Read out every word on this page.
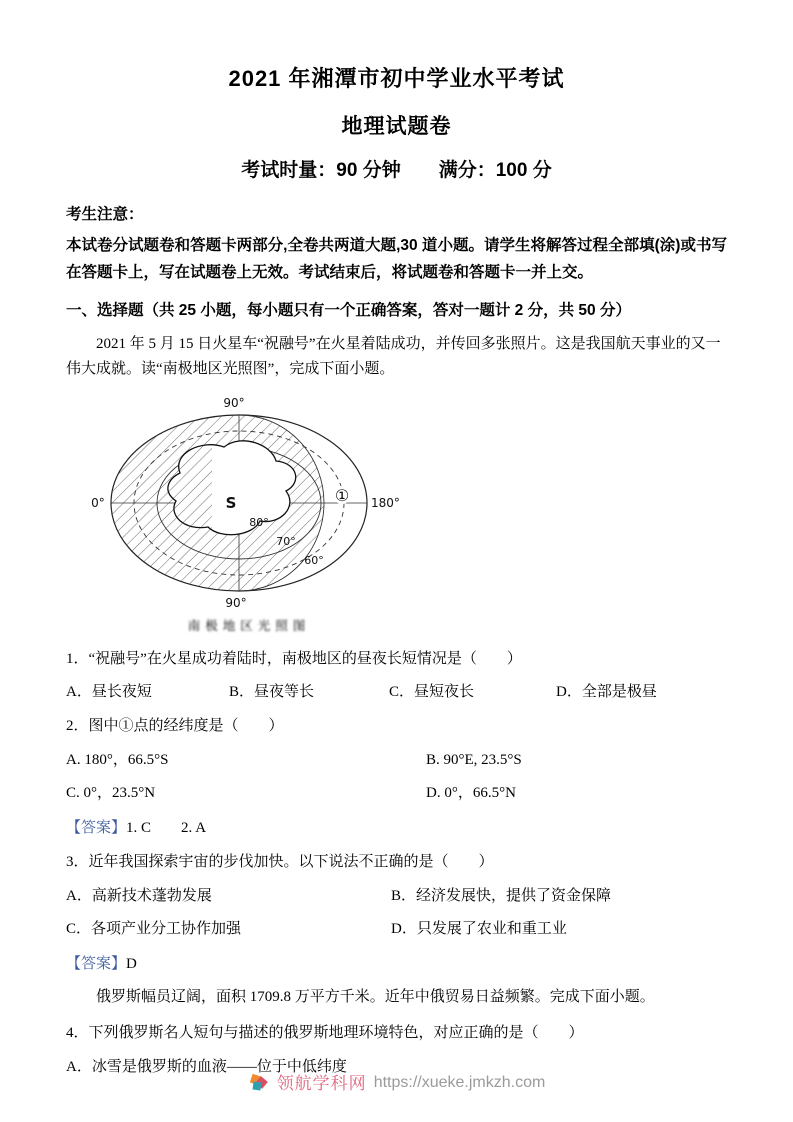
2021 年湘潭市初中学业水平考试
地理试题卷
考试时量：90 分钟　　满分：100 分
考生注意：
本试卷分试题卷和答题卡两部分,全卷共两道大题,30 道小题。请学生将解答过程全部填(涂)或书写在答题卡上，写在试题卷上无效。考试结束后，将试题卷和答题卡一并上交。
一、选择题（共 25 小题，每小题只有一个正确答案，答对一题计 2 分，共 50 分）
2021 年 5 月 15 日火星车“祝融号”在火星着陆成功，并传回多张照片。这是我国航天事业的又一伟大成就。读“南极地区光照图”，完成下面小题。
①
90°
0°	180°
90°
S
80°
70°
60°
南极地区光照图
1．“祝融号”在火星成功着陆时，南极地区的昼夜长短情况是（　　）
A．昼长夜短	B．昼夜等长	C．昼短夜长	D．全部是极昼
2．图中①点的经纬度是（　　）
A. 180°，66.5°S	B. 90°E, 23.5°S
C. 0°，23.5°N	D. 0°，66.5°N
【答案】1. C　　2. A
3．近年我国探索宇宙的步伐加快。以下说法不正确的是（　　）
A．高新技术蓬勃发展	B．经济发展快，提供了资金保障
C．各项产业分工协作加强	D．只发展了农业和重工业
【答案】D
俄罗斯幅员辽阔，面积 1709.8 万平方千米。近年中俄贸易日益频繁。完成下面小题。
4．下列俄罗斯名人短句与描述的俄罗斯地理环境特色，对应正确的是（　　）
A．冰雪是俄罗斯的血液——位于中低纬度
领航学科网 https://xueke.jmkzh.com
